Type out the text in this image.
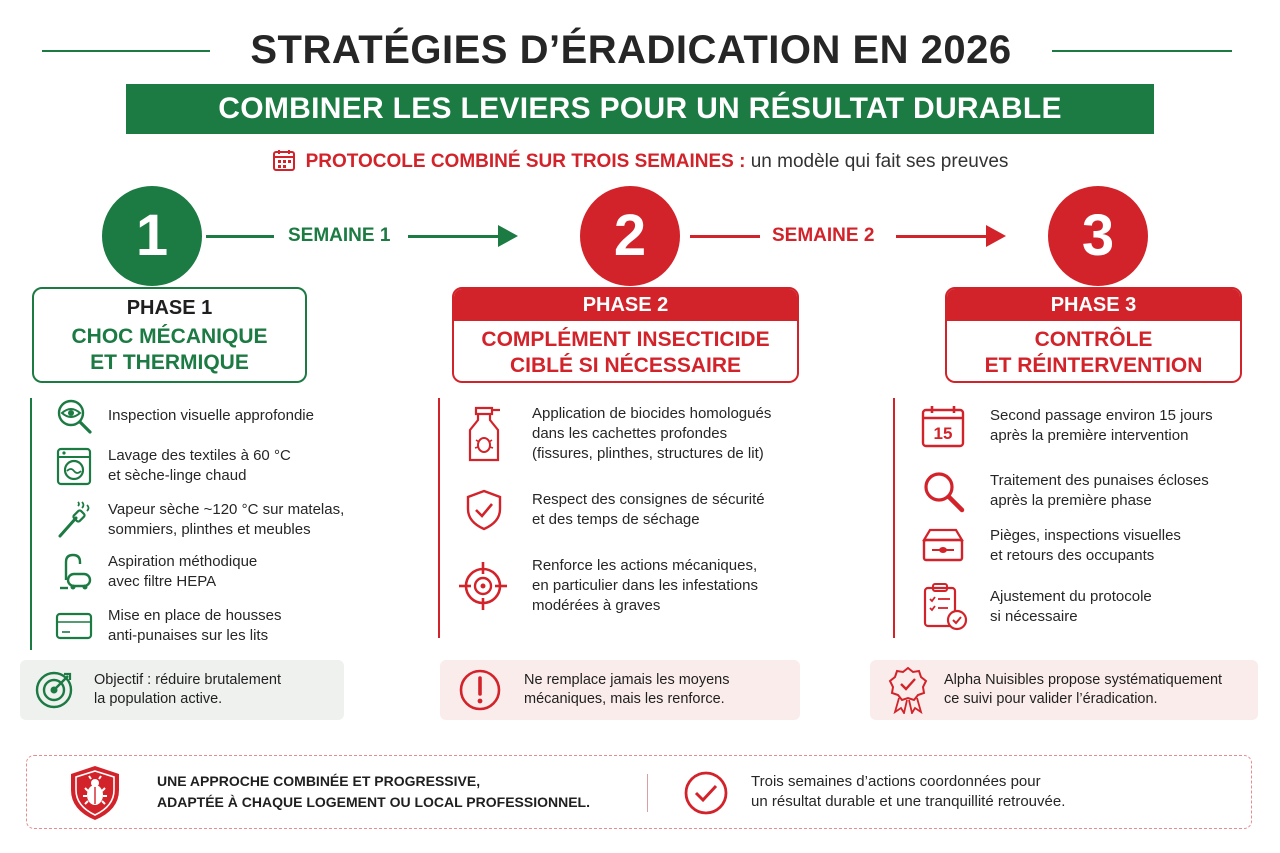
STRATÉGIES D’ÉRADICATION EN 2026
COMBINER LES LEVIERS POUR UN RÉSULTAT DURABLE
PROTOCOLE COMBINÉ SUR TROIS SEMAINES : un modèle qui fait ses preuves
1	SEMAINE 1	2	SEMAINE 2	3
PHASE 1
CHOC MÉCANIQUE
ET THERMIQUE
PHASE 2
COMPLÉMENT INSECTICIDE
CIBLÉ SI NÉCESSAIRE
PHASE 3
CONTRÔLE
ET RÉINTERVENTION
Inspection visuelle approfondie
Lavage des textiles à 60 °C
et sèche-linge chaud
Vapeur sèche ~120 °C sur matelas,
sommiers, plinthes et meubles
Aspiration méthodique
avec filtre HEPA
Mise en place de housses
anti-punaises sur les lits
Application de biocides homologués
dans les cachettes profondes
(fissures, plinthes, structures de lit)
Respect des consignes de sécurité
et des temps de séchage
Renforce les actions mécaniques,
en particulier dans les infestations
modérées à graves
15
Second passage environ 15 jours
après la première intervention
Traitement des punaises écloses
après la première phase
Pièges, inspections visuelles
et retours des occupants
Ajustement du protocole
si nécessaire
Objectif : réduire brutalement
la population active.
Ne remplace jamais les moyens
mécaniques, mais les renforce.
Alpha Nuisibles propose systématiquement
ce suivi pour valider l’éradication.
UNE APPROCHE COMBINÉE ET PROGRESSIVE,
ADAPTÉE À CHAQUE LOGEMENT OU LOCAL PROFESSIONNEL.
Trois semaines d’actions coordonnées pour
un résultat durable et une tranquillité retrouvée.
